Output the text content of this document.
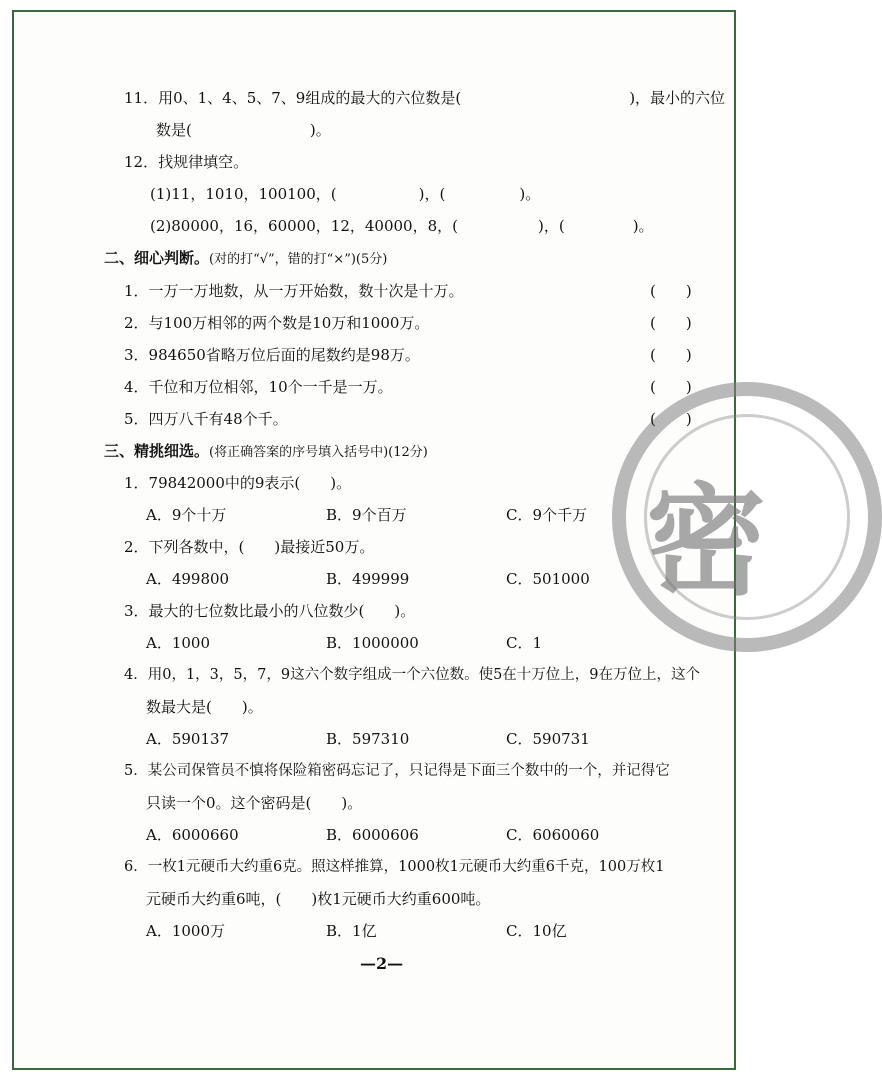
密
11．用0、1、4、5、7、9组成的最大的六位数是(	)，最小的六位
数是(	)。
12．找规律填空。
(1)11，1010，100100，(	)，(	)。
(2)80000，16，60000，12，40000，8，(	)，(	)。
二、细心判断。(对的打“√”，错的打“×”)(5分)
1．一万一万地数，从一万开始数，数十次是十万。	(　　)
2．与100万相邻的两个数是10万和1000万。	(　　)
3．984650省略万位后面的尾数约是98万。	(　　)
4．千位和万位相邻，10个一千是一万。	(　　)
5．四万八千有48个千。	(　　)
三、精挑细选。(将正确答案的序号填入括号中)(12分)
1．79842000中的9表示(　　)。
A．9个十万	B．9个百万	C．9个千万
2．下列各数中，(　　)最接近50万。
A．499800	B．499999	C．501000
3．最大的七位数比最小的八位数少(　　)。
A．1000	B．1000000	C．1
4．用0，1，3，5，7，9这六个数字组成一个六位数。使5在十万位上，9在万位上，这个
数最大是(　　)。
A．590137	B．597310	C．590731
5．某公司保管员不慎将保险箱密码忘记了，只记得是下面三个数中的一个，并记得它
只读一个0。这个密码是(　　)。
A．6000660	B．6000606	C．6060060
6．一枚1元硬币大约重6克。照这样推算，1000枚1元硬币大约重6千克，100万枚1
元硬币大约重6吨，(　　)枚1元硬币大约重600吨。
A．1000万	B．1亿	C．10亿
—2—
